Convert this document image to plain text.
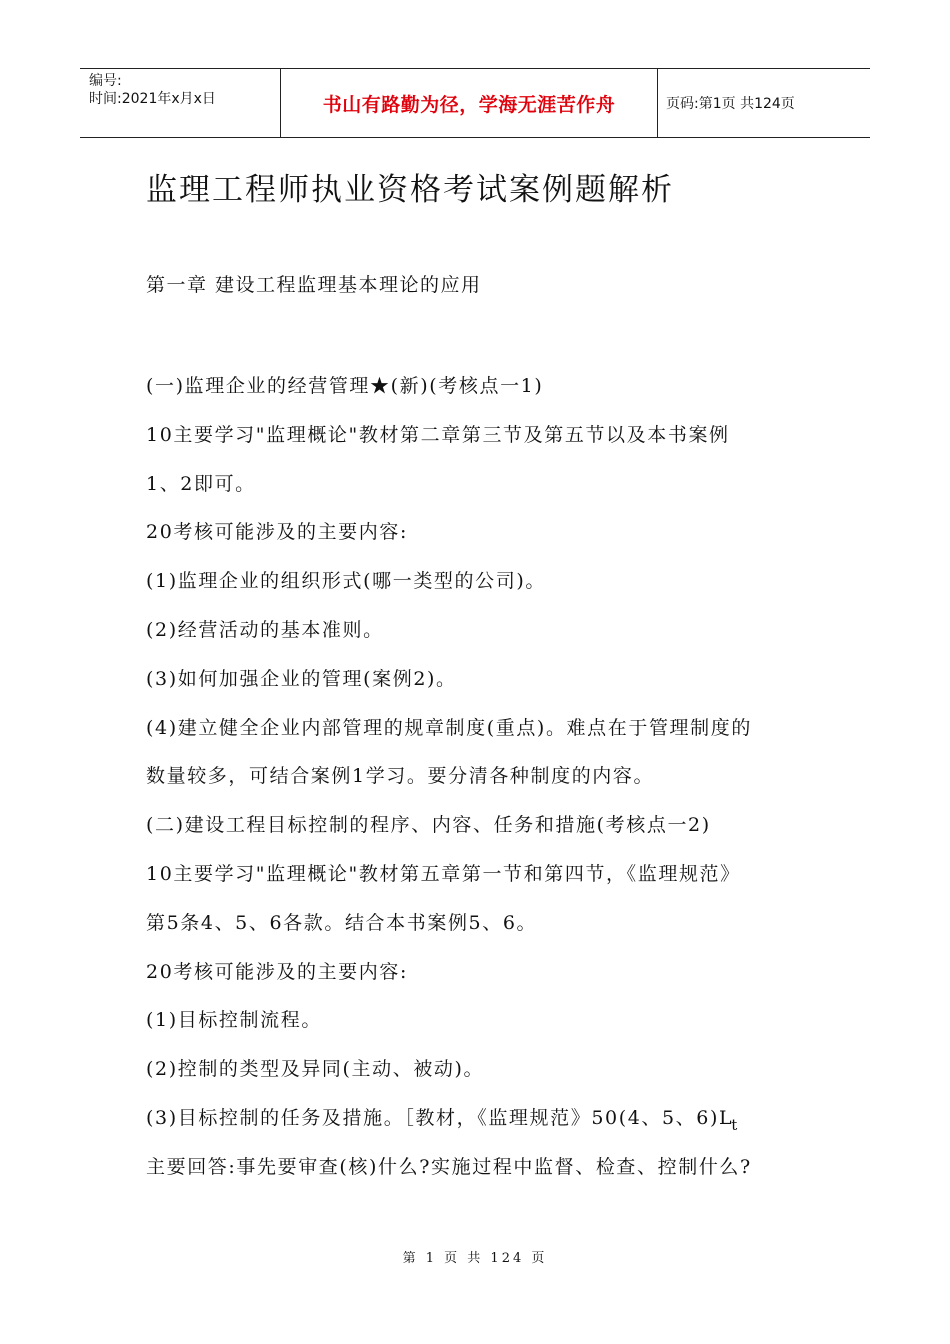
编号:
时间:2021年x月x日	书山有路勤为径，学海无涯苦作舟	页码:第1页 共124页
监理工程师执业资格考试案例题解析
第一章 建设工程监理基本理论的应用
(一)监理企业的经营管理★(新)(考核点一1)
10主要学习"监理概论"教材第二章第三节及第五节以及本书案例
1、2即可。
20考核可能涉及的主要内容:
(1)监理企业的组织形式(哪一类型的公司)。
(2)经营活动的基本准则。
(3)如何加强企业的管理(案例2)。
(4)建立健全企业内部管理的规章制度(重点)。难点在于管理制度的
数量较多，可结合案例1学习。要分清各种制度的内容。
(二)建设工程目标控制的程序、内容、任务和措施(考核点一2)
10主要学习"监理概论"教材第五章第一节和第四节，《监理规范》
第5条4、5、6各款。结合本书案例5、6。
20考核可能涉及的主要内容:
(1)目标控制流程。
(2)控制的类型及异同(主动、被动)。
(3)目标控制的任务及措施。［教材，《监理规范》50(4、5、$6)L_t$
主要回答:事先要审查(核)什么?实施过程中监督、检查、控制什么?
第 1 页 共 124 页
